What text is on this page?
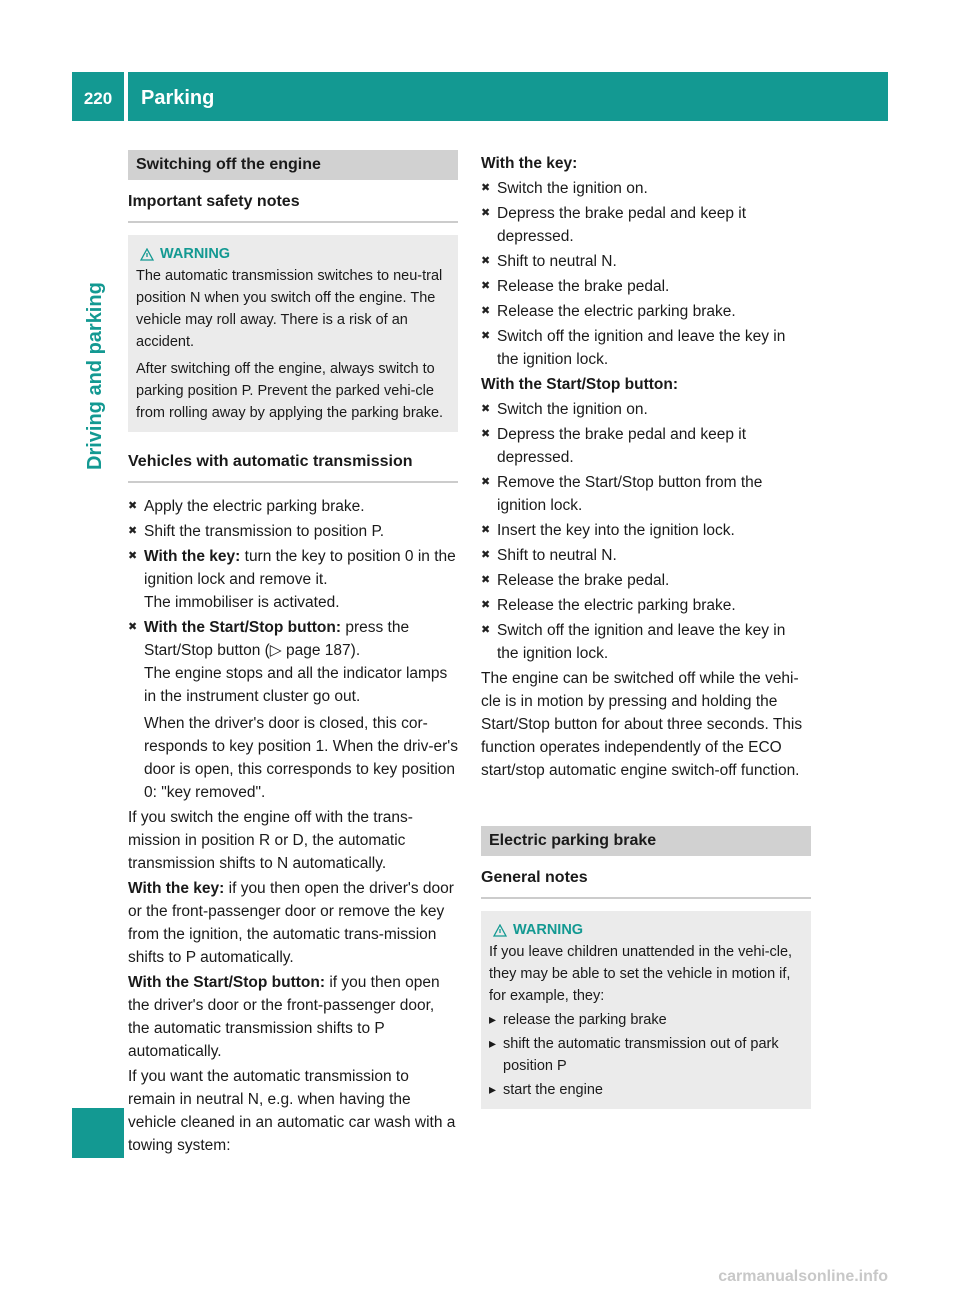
220	Parking
Driving and parking
Switching off the engine
Important safety notes
WARNING

The automatic transmission switches to neu-tral position N when you switch off the engine. The vehicle may roll away. There is a risk of an accident.

After switching off the engine, always switch to parking position P. Prevent the parked vehi-cle from rolling away by applying the parking brake.

Vehicles with automatic transmission
✖ Apply the electric parking brake.
✖ Shift the transmission to position P.
✖ With the key: turn the key to position 0 in the ignition lock and remove it.
The immobiliser is activated.
✖ With the Start/Stop button: press the Start/Stop button (▷ page 187).
The engine stops and all the indicator lamps in the instrument cluster go out.

When the driver's door is closed, this cor-responds to key position 1. When the driv-er's door is open, this corresponds to key position 0: "key removed".

If you switch the engine off with the trans-mission in position R or D, the automatic transmission shifts to N automatically.

With the key: if you then open the driver's door or the front-passenger door or remove the key from the ignition, the automatic trans-mission shifts to P automatically.

With the Start/Stop button: if you then open the driver's door or the front-passenger door, the automatic transmission shifts to P automatically.

If you want the automatic transmission to remain in neutral N, e.g. when having the vehicle cleaned in an automatic car wash with a towing system:

With the key:
✖ Switch the ignition on.
✖ Depress the brake pedal and keep it depressed.
✖ Shift to neutral N.
✖ Release the brake pedal.
✖ Release the electric parking brake.
✖ Switch off the ignition and leave the key in the ignition lock.
With the Start/Stop button:
✖ Switch the ignition on.
✖ Depress the brake pedal and keep it depressed.
✖ Remove the Start/Stop button from the ignition lock.
✖ Insert the key into the ignition lock.
✖ Shift to neutral N.
✖ Release the brake pedal.
✖ Release the electric parking brake.
✖ Switch off the ignition and leave the key in the ignition lock.

The engine can be switched off while the vehi-cle is in motion by pressing and holding the Start/Stop button for about three seconds. This function operates independently of the ECO start/stop automatic engine switch-off function.

Electric parking brake
General notes
WARNING

If you leave children unattended in the vehi-cle, they may be able to set the vehicle in motion if, for example, they:

▸ release the parking brake
▸ shift the automatic transmission out of park position P
▸ start the engine
carmanualsonline.info
